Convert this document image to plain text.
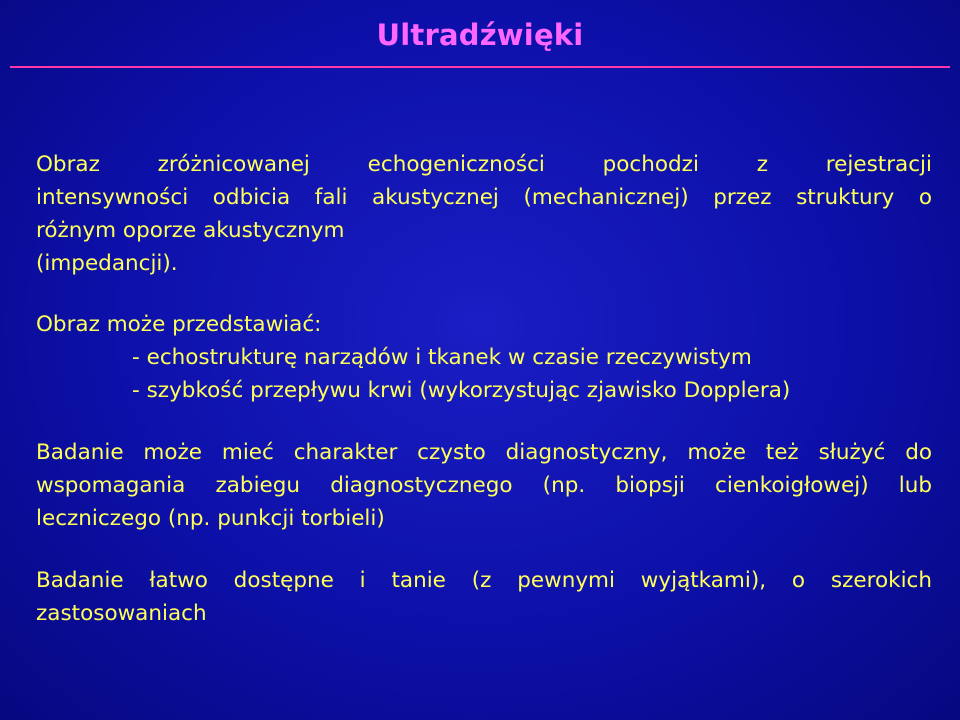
Ultradźwięki
Obraz zróżnicowanej echogeniczności pochodzi z rejestracji
intensywności odbicia fali akustycznej (mechanicznej) przez struktury o
różnym oporze akustycznym
(impedancji).
Obraz może przedstawiać:
- echostrukturę narządów i tkanek w czasie rzeczywistym
- szybkość przepływu krwi (wykorzystując zjawisko Dopplera)
Badanie może mieć charakter czysto diagnostyczny, może też służyć do
wspomagania zabiegu diagnostycznego (np. biopsji cienkoigłowej) lub
leczniczego (np. punkcji torbieli)
Badanie łatwo dostępne i tanie (z pewnymi wyjątkami), o szerokich
zastosowaniach
